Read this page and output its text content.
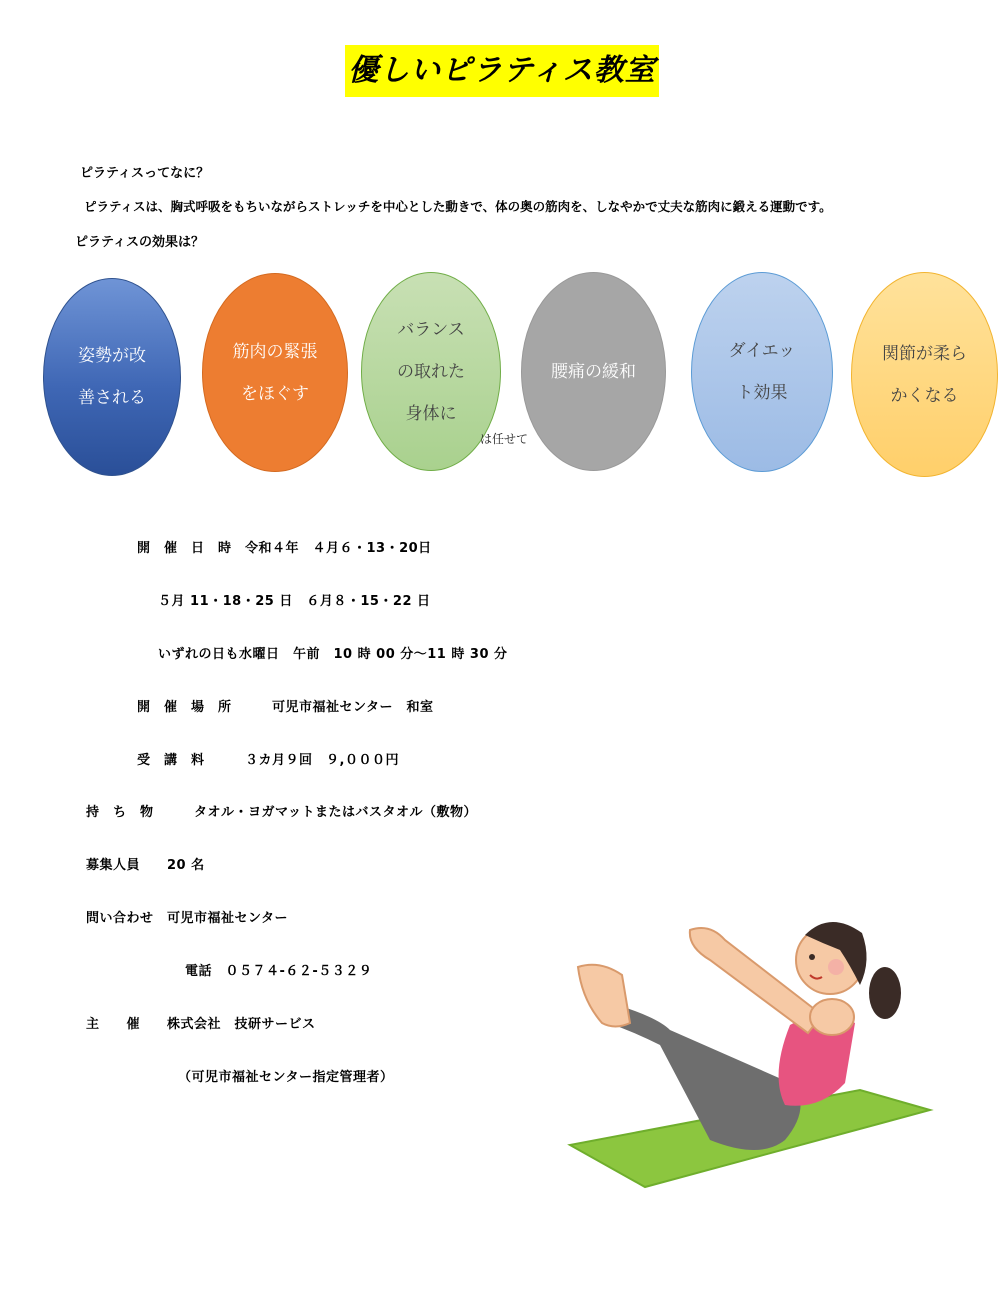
優しいピラティス教室
ピラティスってなに？
ピラティスは、胸式呼吸をもちいながらストレッチを中心とした動きで、体の奥の筋肉を、しなやかで丈夫な筋肉に鍛える運動です。
ピラティスの効果は？
姿勢が改
善される
筋肉の緊張
をほぐす
バランス
の取れた
身体に
腰痛の緩和
ダイエッ
ト効果
関節が柔ら
かくなる
は任せて
開　催　日　時　令和４年　４月６・13・20日
５月 11・18・25 日　６月８・15・22 日
いずれの日も水曜日　午前　10 時 00 分～11 時 30 分
開　催　場　所　　　可児市福祉センター　和室
受　講　料　　　３カ月９回　９,０００円
持　ち　物　　　タオル・ヨガマットまたはバスタオル（敷物）
募集人員　　20 名
問い合わせ　可児市福祉センター
電話　０５７４-６２-５３２９
主　　催　　株式会社　技研サービス
（可児市福祉センター指定管理者）
